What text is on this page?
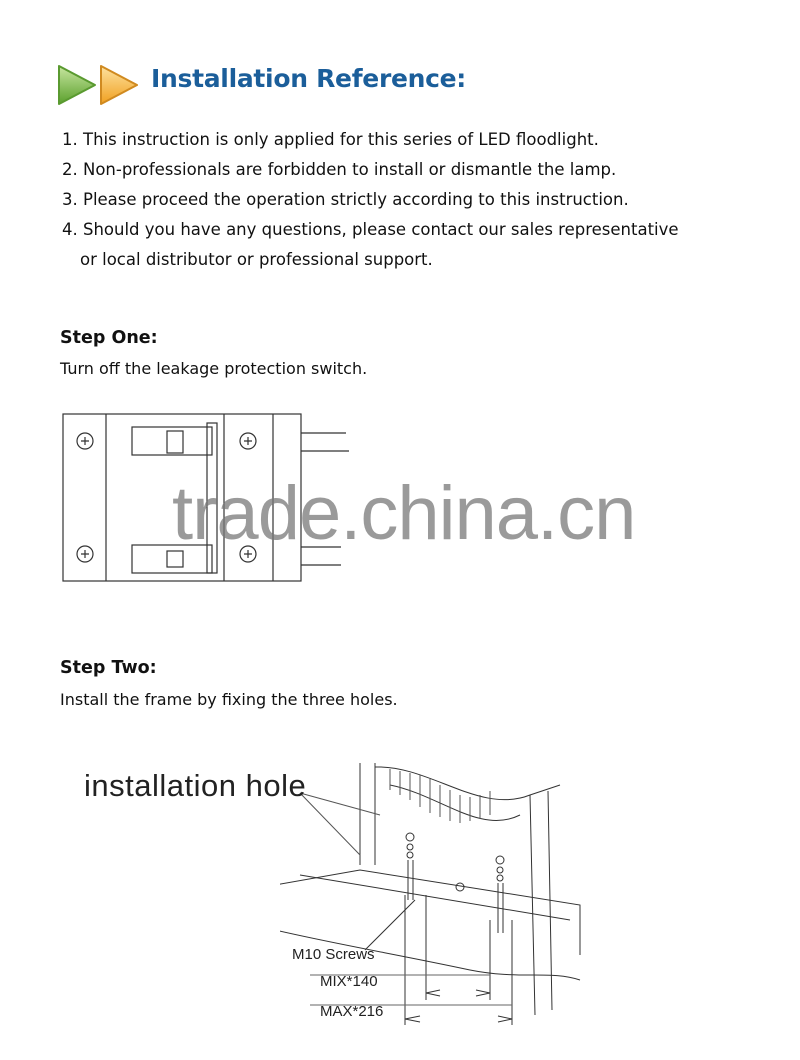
Installation Reference:
1. This instruction is only applied for this series of LED floodlight.
2. Non-professionals are forbidden to install or dismantle the lamp.
3. Please proceed the operation strictly according to this instruction.
4. Should you have any questions, please contact our sales representative
or local distributor or professional support.
Step One:
Turn off the leakage protection switch.
trade.china.cn
Step Two:
Install the frame by fixing the three holes.
installation hole
M10 Screws
MIX*140
MAX*216
